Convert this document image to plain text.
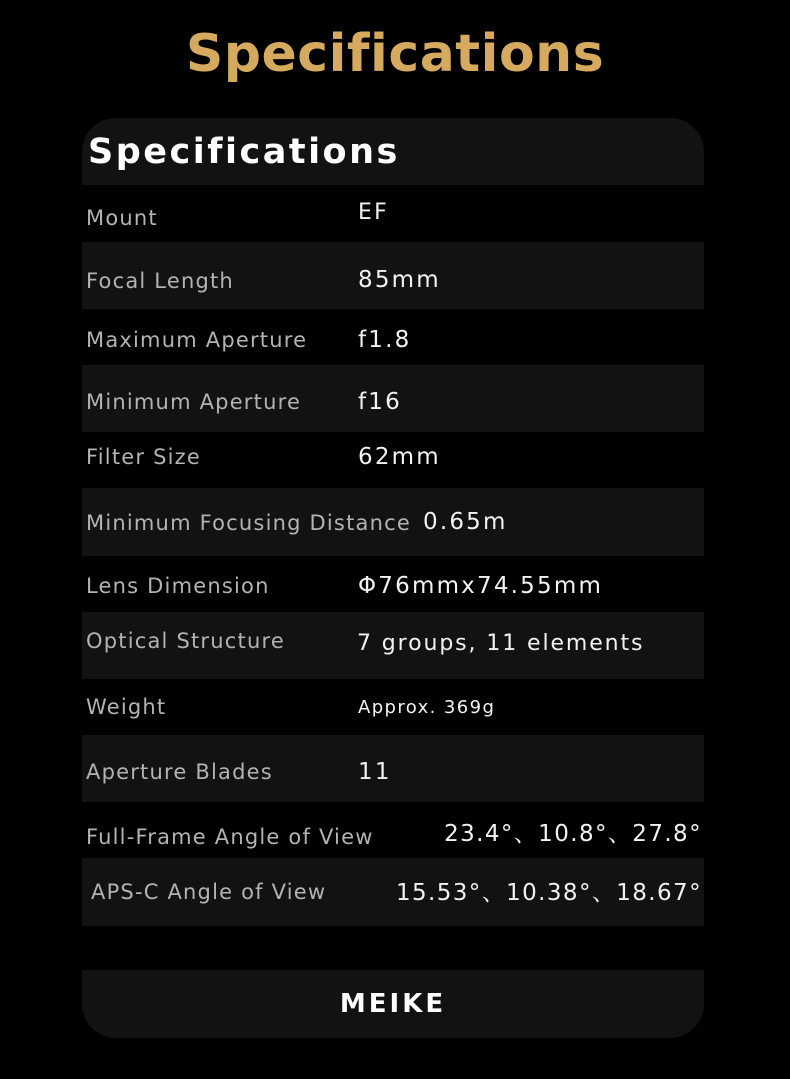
Specifications
Specifications
Mount	EF
Focal Length	85mm
Maximum Aperture f1.8
Minimum Aperture f16
Filter Size	62mm
Minimum Focusing Distance 0.65m
Lens Dimension	Φ76mmx74.55mm
Optical Structure	7 groups, 11 elements
Weight	Approx. 369g
Aperture Blades	11
Full-Frame Angle of View	23.4°、10.8°、27.8°
APS-C Angle of View	15.53°、10.38°、18.67°
MEIKE
